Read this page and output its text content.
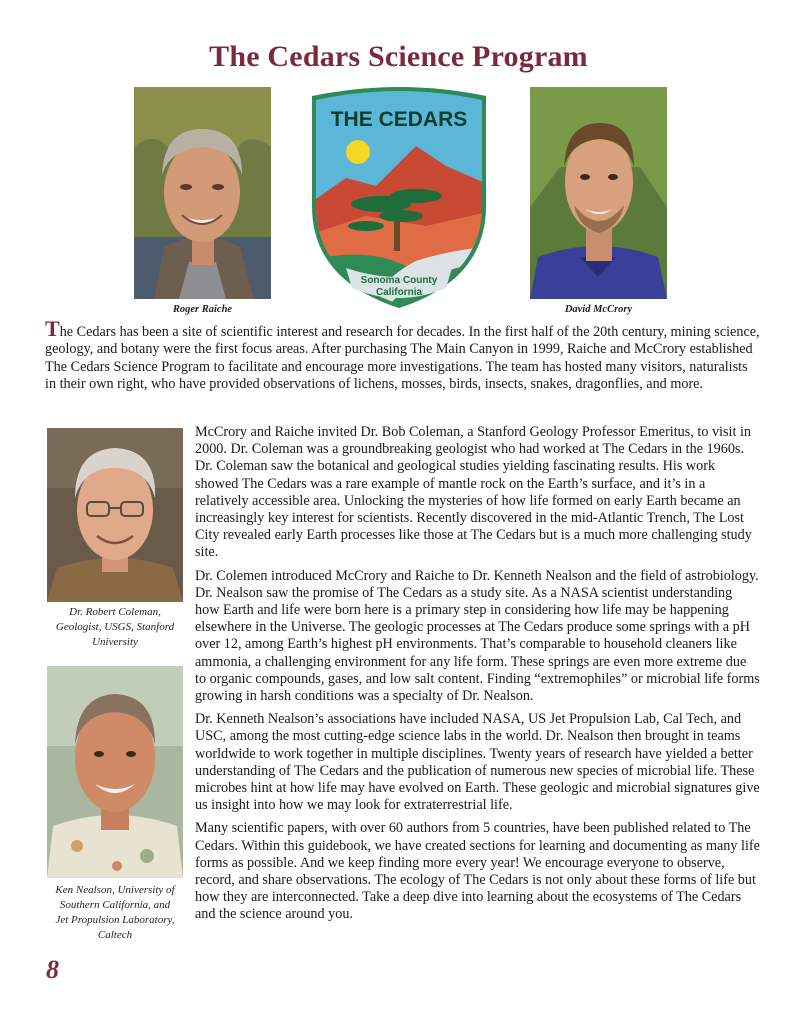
The Cedars Science Program
Roger Raiche
THE CEDARS
Sonoma County
California
David McCrory
The Cedars has been a site of scientific interest and research for decades. In the first half of the 20th century, mining science, geology, and botany were the first focus areas. After purchasing The Main Canyon in 1999, Raiche and McCrory established The Cedars Science Program to facilitate and encourage more investigations. The team has hosted many visitors, naturalists in their own right, who have provided observations of lichens, mosses, birds, insects, snakes, dragonflies, and more.
Dr. Robert Coleman,
Geologist, USGS, Stanford
University
Ken Nealson, University of
Southern California, and
Jet Propulsion Laboratory,
Caltech

McCrory and Raiche invited Dr. Bob Coleman, a Stanford Geology Professor Emeritus, to visit in 2000. Dr. Coleman was a groundbreaking geologist who had worked at The Cedars in the 1960s. Dr. Coleman saw the botanical and geological studies yielding fascinating results. His work showed The Cedars was a rare example of mantle rock on the Earth’s surface, and it’s in a relatively accessible area. Unlocking the mysteries of how life formed on early Earth became an increasingly key interest for scientists. Recently discovered in the mid-Atlantic Trench, The Lost City revealed early Earth processes like those at The Cedars but is a much more challenging study site.

Dr. Colemen introduced McCrory and Raiche to Dr. Kenneth Nealson and the field of astrobiology. Dr. Nealson saw the promise of The Cedars as a study site. As a NASA scientist understanding how Earth and life were born here is a primary step in considering how life may be happening elsewhere in the Universe. The geologic processes at The Cedars produce some springs with a pH over 12, among Earth’s highest pH environments. That’s comparable to household cleaners like ammonia, a challenging environment for any life form. These springs are even more extreme due to organic compounds, gases, and low salt content. Finding “extremophiles” or microbial life forms growing in harsh conditions was a specialty of Dr. Nealson.

Dr. Kenneth Nealson’s associations have included NASA, US Jet Propulsion Lab, Cal Tech, and USC, among the most cutting-edge science labs in the world. Dr. Nealson then brought in teams worldwide to work together in multiple disciplines. Twenty years of research have yielded a better understanding of The Cedars and the publication of numerous new species of microbial life. These microbes hint at how life may have evolved on Earth. These geologic and microbial signatures give us insight into how we may look for extraterrestrial life.

Many scientific papers, with over 60 authors from 5 countries, have been published related to The Cedars. Within this guidebook, we have created sections for learning and documenting as many life forms as possible. And we keep finding more every year! We encourage everyone to observe, record, and share observations. The ecology of The Cedars is not only about these forms of life but how they are interconnected. Take a deep dive into learning about the ecosystems of The Cedars and the science around you.

8
